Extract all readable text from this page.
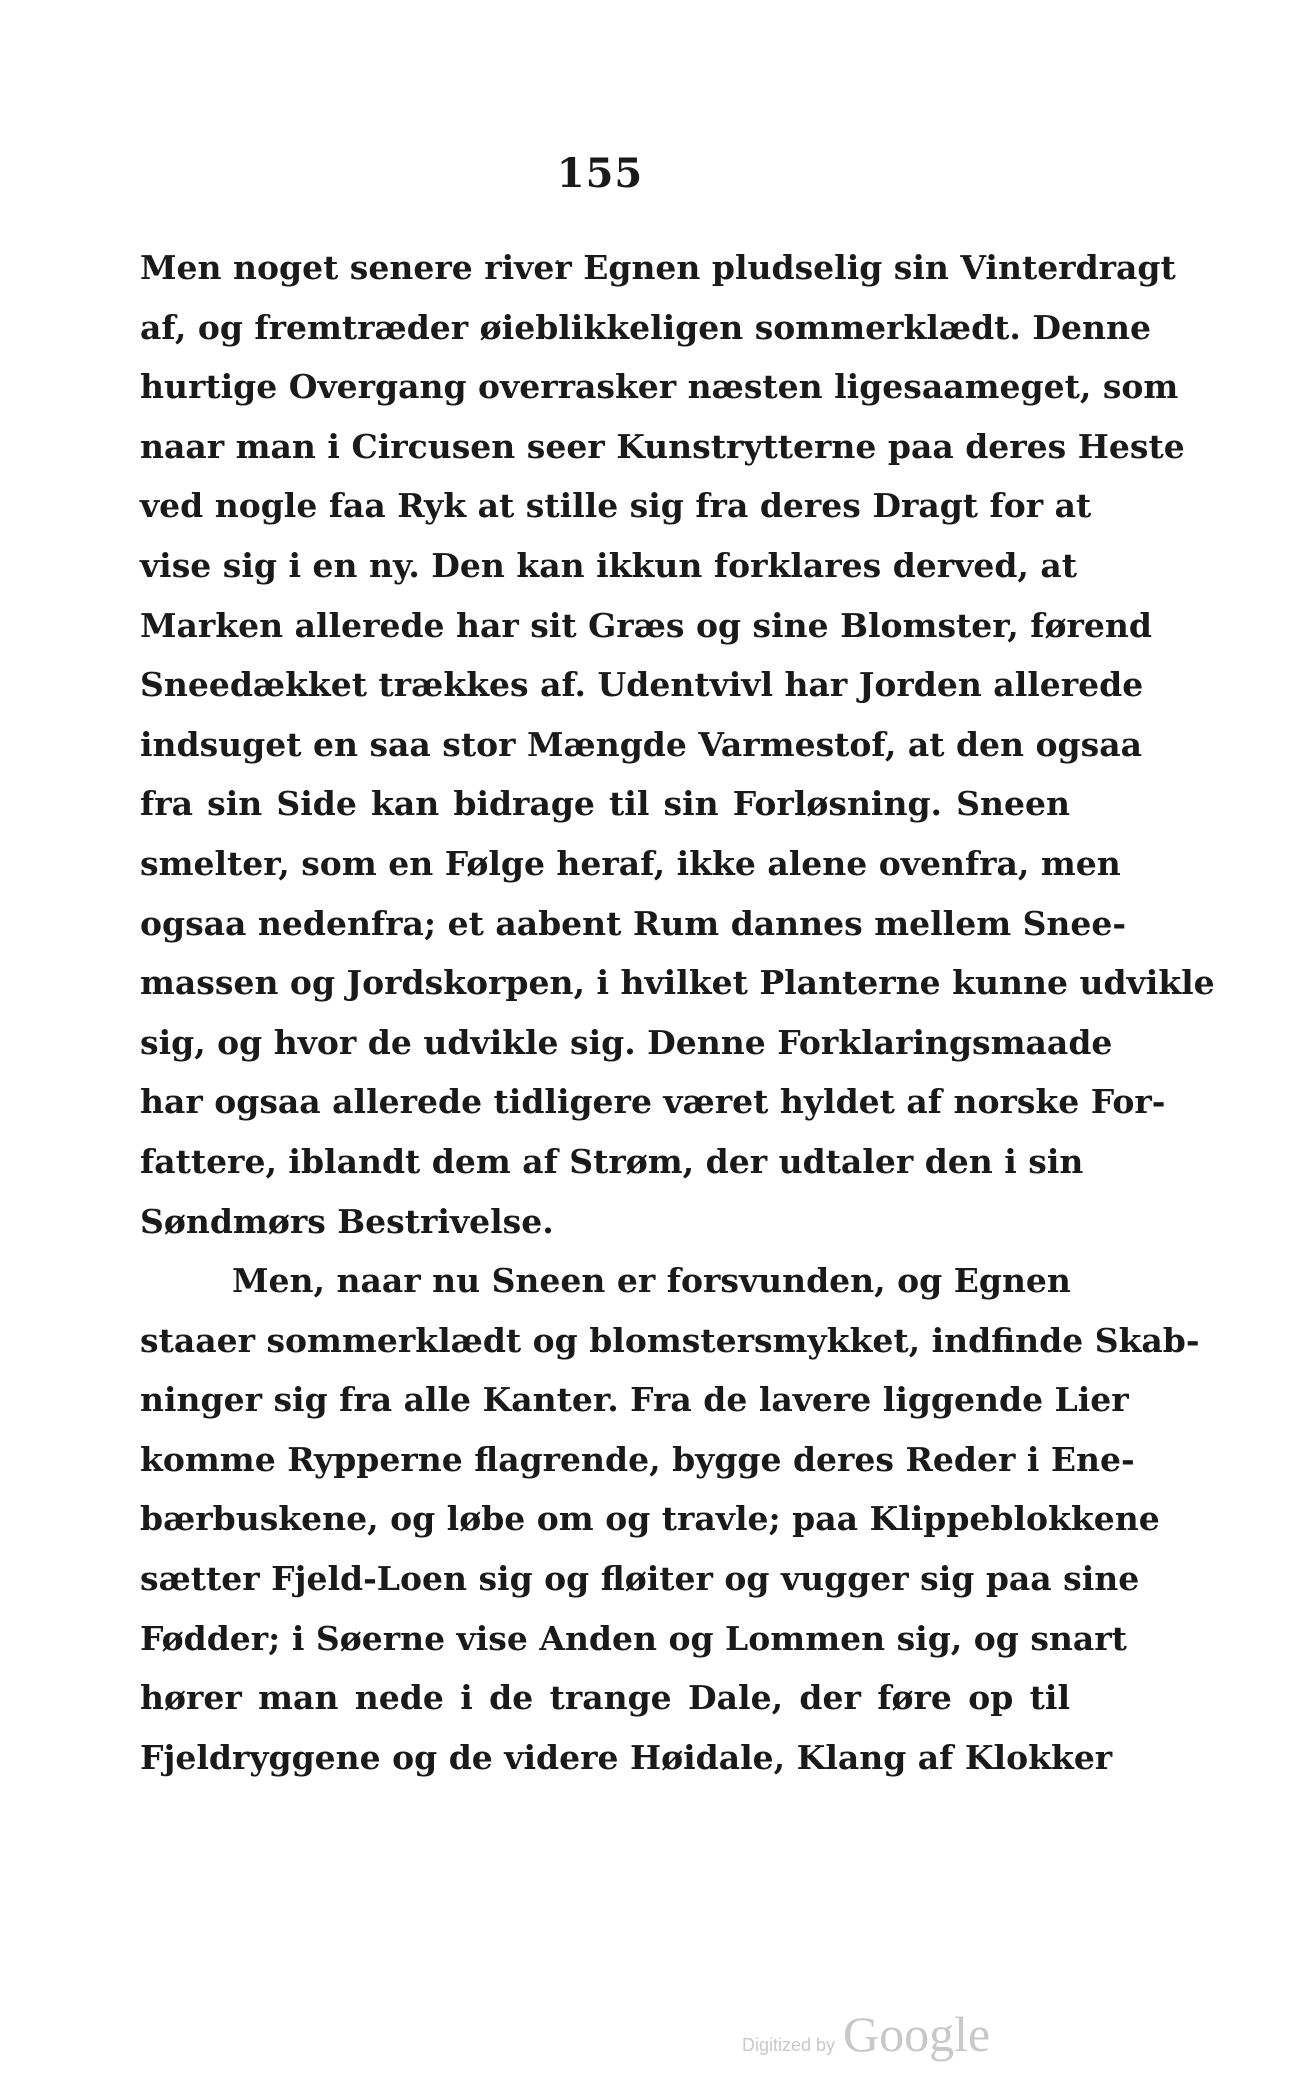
155
Men noget senere river Egnen pludselig sin Vinterdragt
af, og fremtræder øieblikkeligen sommerklædt. Denne
hurtige Overgang overrasker næsten ligesaameget, som
naar man i Circusen seer Kunstrytterne paa deres Heste
ved nogle faa Ryk at stille sig fra deres Dragt for at
vise sig i en ny. Den kan ikkun forklares derved, at
Marken allerede har sit Græs og sine Blomster, førend
Sneedækket trækkes af. Udentvivl har Jorden allerede
indsuget en saa stor Mængde Varmestof, at den ogsaa
fra sin Side kan bidrage til sin Forløsning. Sneen
smelter, som en Følge heraf, ikke alene ovenfra, men
ogsaa nedenfra; et aabent Rum dannes mellem Snee-
massen og Jordskorpen, i hvilket Planterne kunne udvikle
sig, og hvor de udvikle sig. Denne Forklaringsmaade
har ogsaa allerede tidligere været hyldet af norske For-
fattere, iblandt dem af Strøm, der udtaler den i sin
Søndmørs Bestrivelse.
Men, naar nu Sneen er forsvunden, og Egnen
staaer sommerklædt og blomstersmykket, indfinde Skab-
ninger sig fra alle Kanter. Fra de lavere liggende Lier
komme Rypperne flagrende, bygge deres Reder i Ene-
bærbuskene, og løbe om og travle; paa Klippeblokkene
sætter Fjeld-Loen sig og fløiter og vugger sig paa sine
Fødder; i Søerne vise Anden og Lommen sig, og snart
hører man nede i de trange Dale, der føre op til
Fjeldryggene og de videre Høidale, Klang af Klokker
Digitized by Google
